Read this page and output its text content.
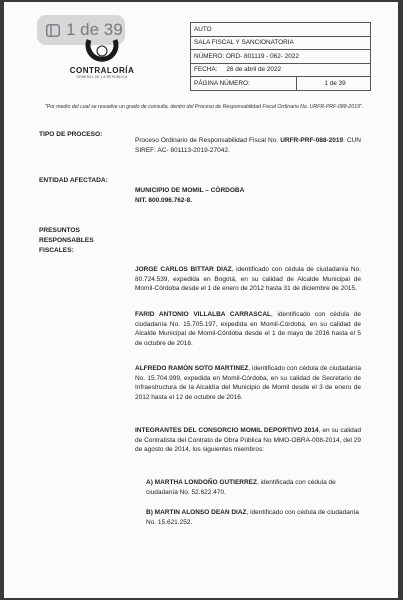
1 de 39	AUTO
SALA FISCAL Y SANCIONATORIA
NÚMERO: ORD- 801119 - 062- 2022
FECHA: 26 de abril de 2022
PÁGINA NÚMERO:	1 de 39
CONTRALORÍA
GENERAL DE LA REPÚBLICA
"Por medio del cual se resuelve un grado de consulta, dentro del Proceso de Responsabilidad Fiscal Ordinario No. URFR-PRF-088-2019".
TIPO DE PROCESO:
Proceso Ordinario de Responsabilidad Fiscal No. URFR-PRF-088-2019. CUN SIREF: AC- 801113-2019-27042.
ENTIDAD AFECTADA:
MUNICIPIO DE MOMIL – CÓRDOBA
NIT. 800.096.762-8.
PRESUNTOS
RESPONSABLES
FISCALES:
JORGE CARLOS BITTAR DIAZ, identificado con cédula de ciudadanía No. 80.724.539, expedida en Bogotá, en su calidad de Alcalde Municipal de Momil-Córdoba desde el 1 de enero de 2012 hasta 31 de diciembre de 2015.
FARID ANTONIO VILLALBA CARRASCAL, identificado con cédula de ciudadanía No. 15.705.197, expedida en Momil-Córdoba, en su calidad de Alcalde Municipal de Momil-Córdoba desde el 1 de mayo de 2016 hasta el 5 de octubre de 2016.
ALFREDO RAMÓN SOTO MARTINEZ, identificado con cédula de ciudadanía No. 15.704.999, expedida en Momil-Córdoba, en su calidad de Secretario de Infraestructura de la Alcaldía del Municipio de Momil desde el 3 de enero de 2012 hasta el 12 de octubre de 2016.
INTEGRANTES DEL CONSORCIO MOMIL DEPORTIVO 2014, en su calidad de Contratista del Contrato de Obra Pública No MMO-OBRA-008-2014, del 29 de agosto de 2014, los siguientes miembros:
A) MARTHA LONDOÑO GUTIERREZ, identificada con cédula de ciudadanía No. 52.622.470.
B) MARTIN ALONSO DEAN DIAZ, identificado con cédula de ciudadanía No. 15.621.252.
